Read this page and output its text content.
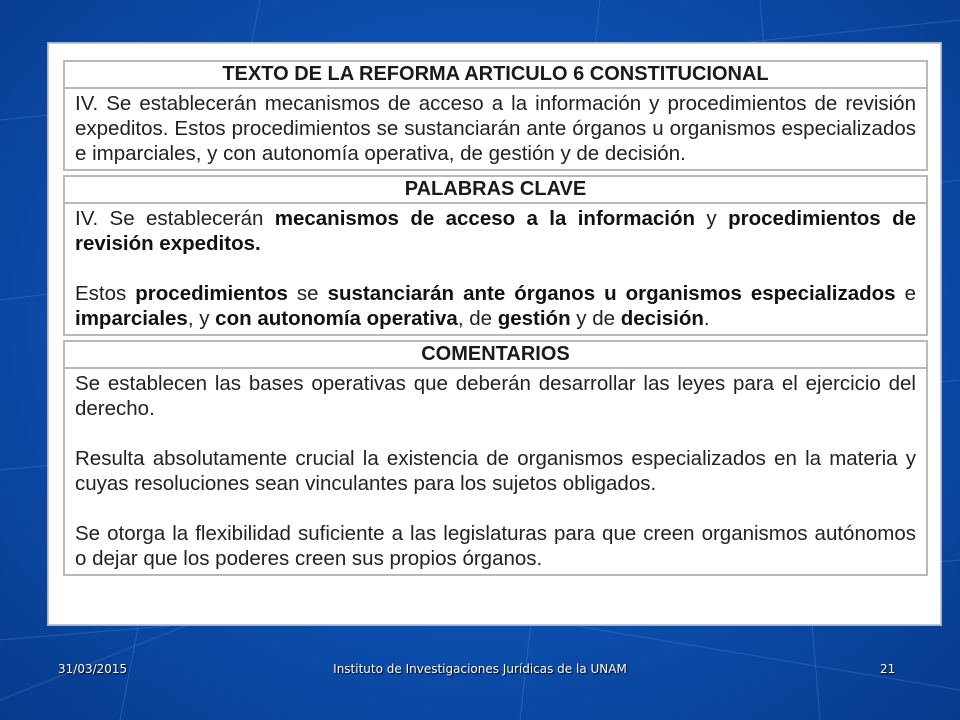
TEXTO DE LA REFORMA ARTICULO 6 CONSTITUCIONAL
IV. Se establecerán mecanismos de acceso a la información y procedimientos de revisión expeditos. Estos procedimientos se sustanciarán ante órganos u organismos especializados e imparciales, y con autonomía operativa, de gestión y de decisión.

PALABRAS CLAVE

IV. Se establecerán mecanismos de acceso a la información y procedimientos de revisión expeditos.
Estos procedimientos se sustanciarán ante órganos u organismos especializados e imparciales, y con autonomía operativa, de gestión y de decisión.

COMENTARIOS

Se establecen las bases operativas que deberán desarrollar las leyes para el ejercicio del derecho.
Resulta absolutamente crucial la existencia de organismos especializados en la materia y cuyas resoluciones sean vinculantes para los sujetos obligados.
Se otorga la flexibilidad suficiente a las legislaturas para que creen organismos autónomos o dejar que los poderes creen sus propios órganos.
31/03/2015	Instituto de Investigaciones Jurídicas de la UNAM	21
